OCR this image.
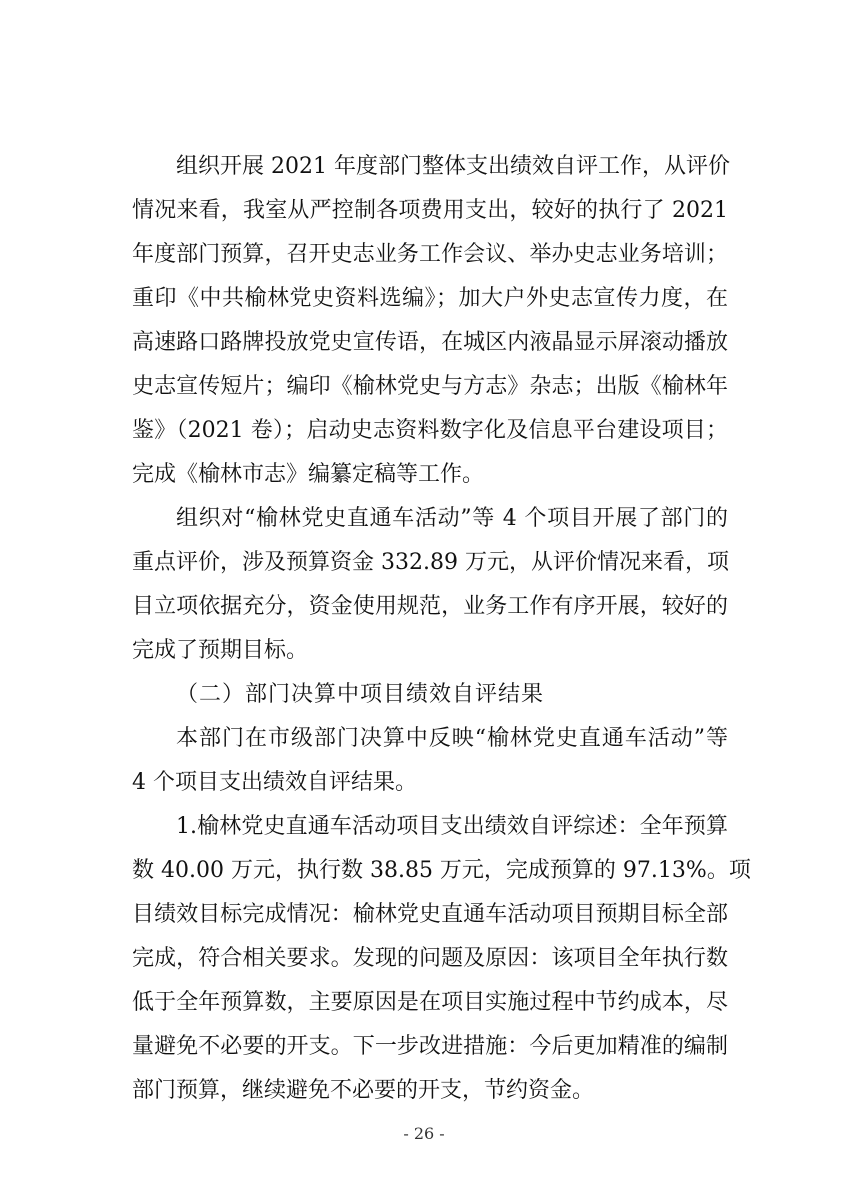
组织开展 2021 年度部门整体支出绩效自评工作，从评价
情况来看，我室从严控制各项费用支出，较好的执行了 2021
年度部门预算，召开史志业务工作会议、举办史志业务培训；
重印《中共榆林党史资料选编》；加大户外史志宣传力度，在
高速路口路牌投放党史宣传语，在城区内液晶显示屏滚动播放
史志宣传短片；编印《榆林党史与方志》杂志；出版《榆林年
鉴》（2021 卷）；启动史志资料数字化及信息平台建设项目；
完成《榆林市志》编纂定稿等工作。
组织对“榆林党史直通车活动”等 4 个项目开展了部门的
重点评价，涉及预算资金 332.89 万元，从评价情况来看，项
目立项依据充分，资金使用规范，业务工作有序开展，较好的
完成了预期目标。
（二）部门决算中项目绩效自评结果
本部门在市级部门决算中反映“榆林党史直通车活动”等
4 个项目支出绩效自评结果。
1.榆林党史直通车活动项目支出绩效自评综述：全年预算
数 40.00 万元，执行数 38.85 万元，完成预算的 97.13%。项
目绩效目标完成情况：榆林党史直通车活动项目预期目标全部
完成，符合相关要求。发现的问题及原因：该项目全年执行数
低于全年预算数，主要原因是在项目实施过程中节约成本，尽
量避免不必要的开支。下一步改进措施：今后更加精准的编制
部门预算，继续避免不必要的开支，节约资金。
- 26 -
